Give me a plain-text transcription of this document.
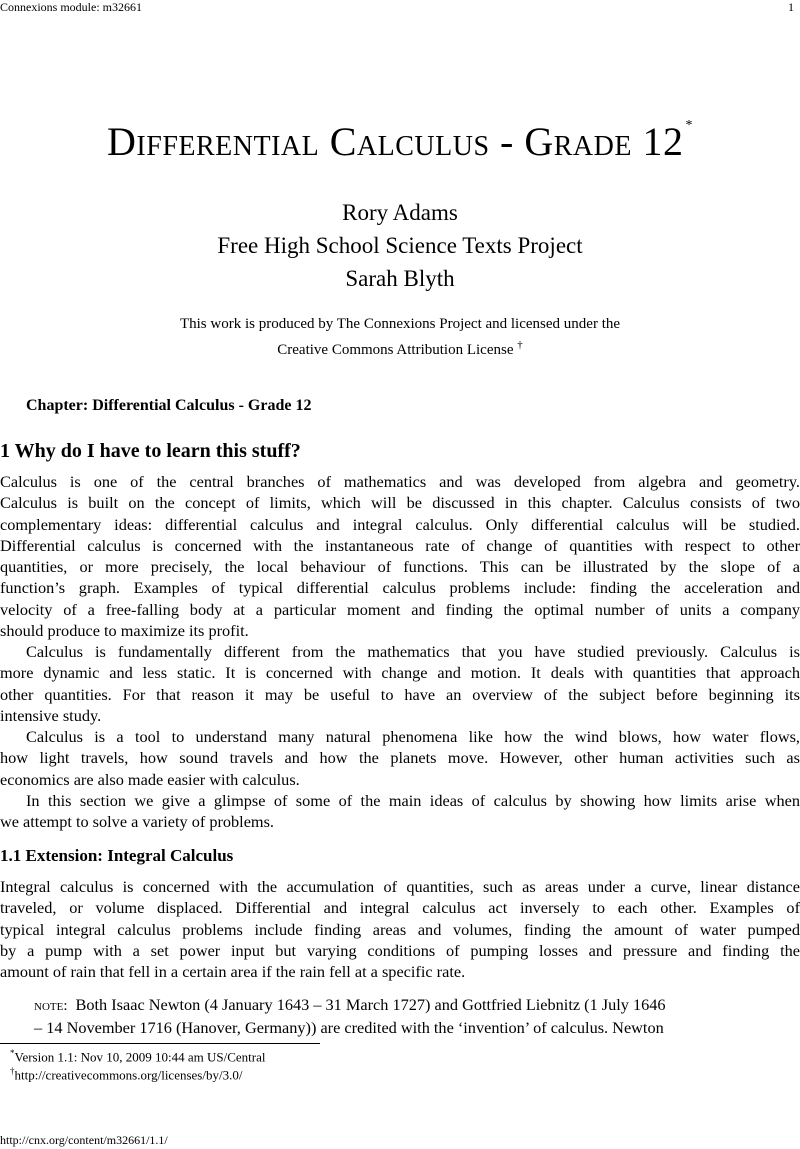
Connexions module: m32661	1
Differential Calculus - Grade 12 *
Rory Adams
Free High School Science Texts Project
Sarah Blyth
This work is produced by The Connexions Project and licensed under the
Creative Commons Attribution License †
Chapter: Differential Calculus - Grade 12
1 Why do I have to learn this stuff?
Calculus is one of the central branches of mathematics and was developed from algebra and geometry.
Calculus is built on the concept of limits, which will be discussed in this chapter. Calculus consists of two
complementary ideas: differential calculus and integral calculus. Only differential calculus will be studied.
Differential calculus is concerned with the instantaneous rate of change of quantities with respect to other
quantities, or more precisely, the local behaviour of functions. This can be illustrated by the slope of a
function’s graph. Examples of typical differential calculus problems include: finding the acceleration and
velocity of a free-falling body at a particular moment and finding the optimal number of units a company
should produce to maximize its profit.
Calculus is fundamentally different from the mathematics that you have studied previously. Calculus is
more dynamic and less static. It is concerned with change and motion. It deals with quantities that approach
other quantities. For that reason it may be useful to have an overview of the subject before beginning its
intensive study.
Calculus is a tool to understand many natural phenomena like how the wind blows, how water flows,
how light travels, how sound travels and how the planets move. However, other human activities such as
economics are also made easier with calculus.
In this section we give a glimpse of some of the main ideas of calculus by showing how limits arise when
we attempt to solve a variety of problems.
1.1 Extension: Integral Calculus
Integral calculus is concerned with the accumulation of quantities, such as areas under a curve, linear distance
traveled, or volume displaced. Differential and integral calculus act inversely to each other. Examples of
typical integral calculus problems include finding areas and volumes, finding the amount of water pumped
by a pump with a set power input but varying conditions of pumping losses and pressure and finding the
amount of rain that fell in a certain area if the rain fell at a specific rate.
note: Both Isaac Newton (4 January 1643 – 31 March 1727) and Gottfried Liebnitz (1 July 1646
– 14 November 1716 (Hanover, Germany)) are credited with the ‘invention’ of calculus. Newton
*Version 1.1: Nov 10, 2009 10:44 am US/Central
†http://creativecommons.org/licenses/by/3.0/
http://cnx.org/content/m32661/1.1/
